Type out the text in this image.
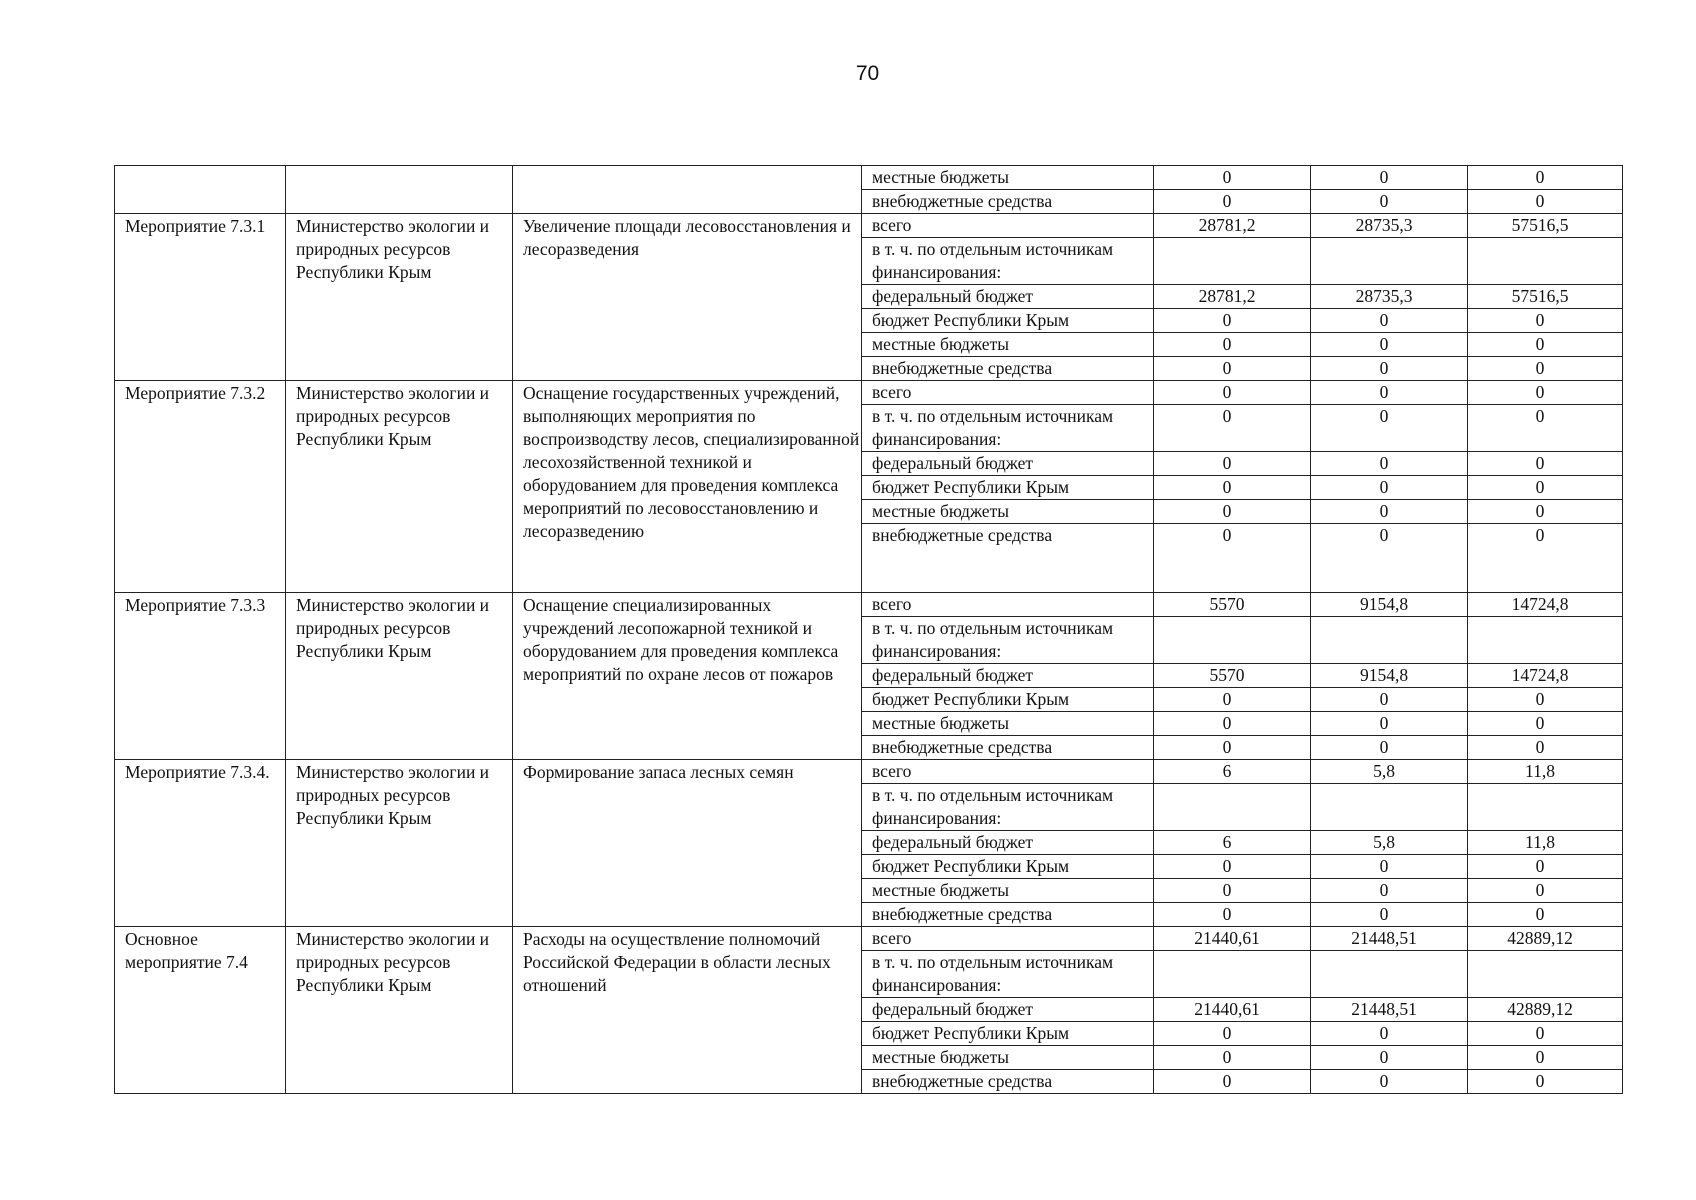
70
			местные бюджеты	0	0	0
			внебюджетные средства	0	0	0
Мероприятие 7.3.1	Министерство экологии и природных ресурсов Республики Крым	Увеличение площади лесовосстановления и лесоразведения	всего	28781,2	28735,3	57516,5
			в т. ч. по отдельным источникам финансирования:			
			федеральный бюджет	28781,2	28735,3	57516,5
			бюджет Республики Крым	0	0	0
			местные бюджеты	0	0	0
			внебюджетные средства	0	0	0
Мероприятие 7.3.2	Министерство экологии и природных ресурсов Республики Крым	Оснащение государственных учреждений, выполняющих мероприятия по воспроизводству лесов, специализированной лесохозяйственной техникой и оборудованием для проведения комплекса мероприятий по лесовосстановлению и лесоразведению	всего	0	0	0
			в т. ч. по отдельным источникам финансирования:	0	0	0
			федеральный бюджет	0	0	0
			бюджет Республики Крым	0	0	0
			местные бюджеты	0	0	0
			внебюджетные средства	0	0	0
Мероприятие 7.3.3	Министерство экологии и природных ресурсов Республики Крым	Оснащение специализированных учреждений лесопожарной техникой и оборудованием для проведения комплекса мероприятий по охране лесов от пожаров	всего	5570	9154,8	14724,8
			в т. ч. по отдельным источникам финансирования:			
			федеральный бюджет	5570	9154,8	14724,8
			бюджет Республики Крым	0	0	0
			местные бюджеты	0	0	0
			внебюджетные средства	0	0	0
Мероприятие 7.3.4.	Министерство экологии и природных ресурсов Республики Крым	Формирование запаса лесных семян	всего	6	5,8	11,8
			в т. ч. по отдельным источникам финансирования:			
			федеральный бюджет	6	5,8	11,8
			бюджет Республики Крым	0	0	0
			местные бюджеты	0	0	0
			внебюджетные средства	0	0	0
Основное мероприятие 7.4	Министерство экологии и природных ресурсов Республики Крым	Расходы на осуществление полномочий Российской Федерации в области лесных отношений	всего	21440,61	21448,51	42889,12
			в т. ч. по отдельным источникам финансирования:			
			федеральный бюджет	21440,61	21448,51	42889,12
			бюджет Республики Крым	0	0	0
			местные бюджеты	0	0	0
			внебюджетные средства	0	0	0
